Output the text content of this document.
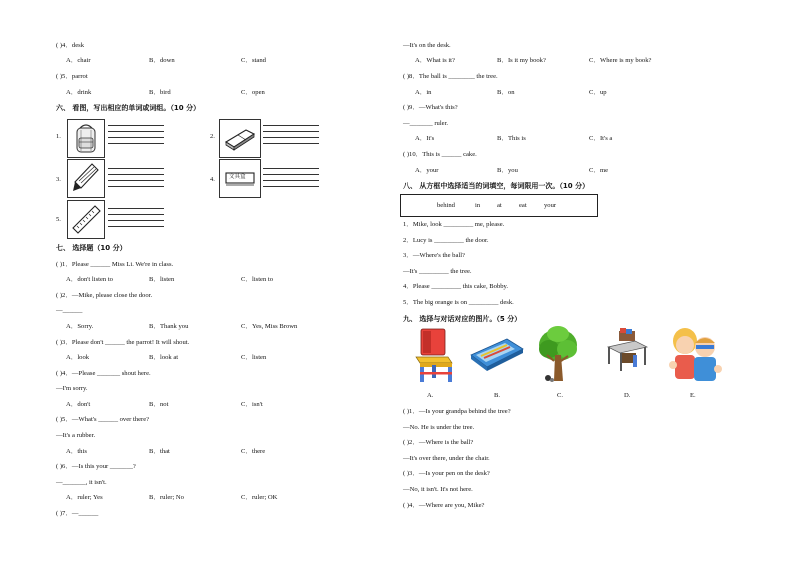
( )4．desk
A．chair	B．down	C．stand
( )5．parrot
A．drink	B．bird	C．open
六、 看图，写出相应的单词或词组。（10 分）
1.	2.
3.	4.
5.
文具盒
七、 选择题（10 分）
( )1．Please ______ Miss Li. We're in class.
A．don't listen to	B．listen	C．listen to
( )2．—Mike, please close the door.
—______
A．Sorry.	B．Thank you	C．Yes, Miss Brown
( )3．Please don't ______ the parrot! It will shout.
A．look	B．look at	C．listen
( )4．—Please _______ shout here.
—I'm sorry.
A．don't	B．not	C．isn't
( )5．—What's ______ over there?
—It's a rubber.
A．this	B．that	C．there
( )6．—Is this your _______?
—_______, it isn't.
A．ruler; Yes	B．ruler; No	C．ruler; OK
( )7．—______
—It's on the desk.
A．What is it?	B．Is it my book?	C．Where is my book?
( )8．The ball is ________ the tree.
A．in	B．on	C．up
( )9．—What's this?
—_______ ruler.
A．It's	B．This is	C．It's a
( )10．This is ______ cake.
A．your	B．you	C．me
八、 从方框中选择适当的词填空，每词限用一次。（10 分）
behind	in	at	eat	your
1．Mike, look _________ me, please.
2．Lucy is _________ the door.
3．—Where's the ball?
—It's _________ the tree.
4．Please _________ this cake, Bobby.
5．The big orange is on _________ desk.
九、 选择与对话对应的图片。（5 分）
A.	B.	C.	D.	E.
( )1．—Is your grandpa behind the tree?
—No. He is under the tree.
( )2．—Where is the ball?
—It's over there, under the chair.
( )3．—Is your pen on the desk?
—No, it isn't. It's not here.
( )4．—Where are you, Mike?
